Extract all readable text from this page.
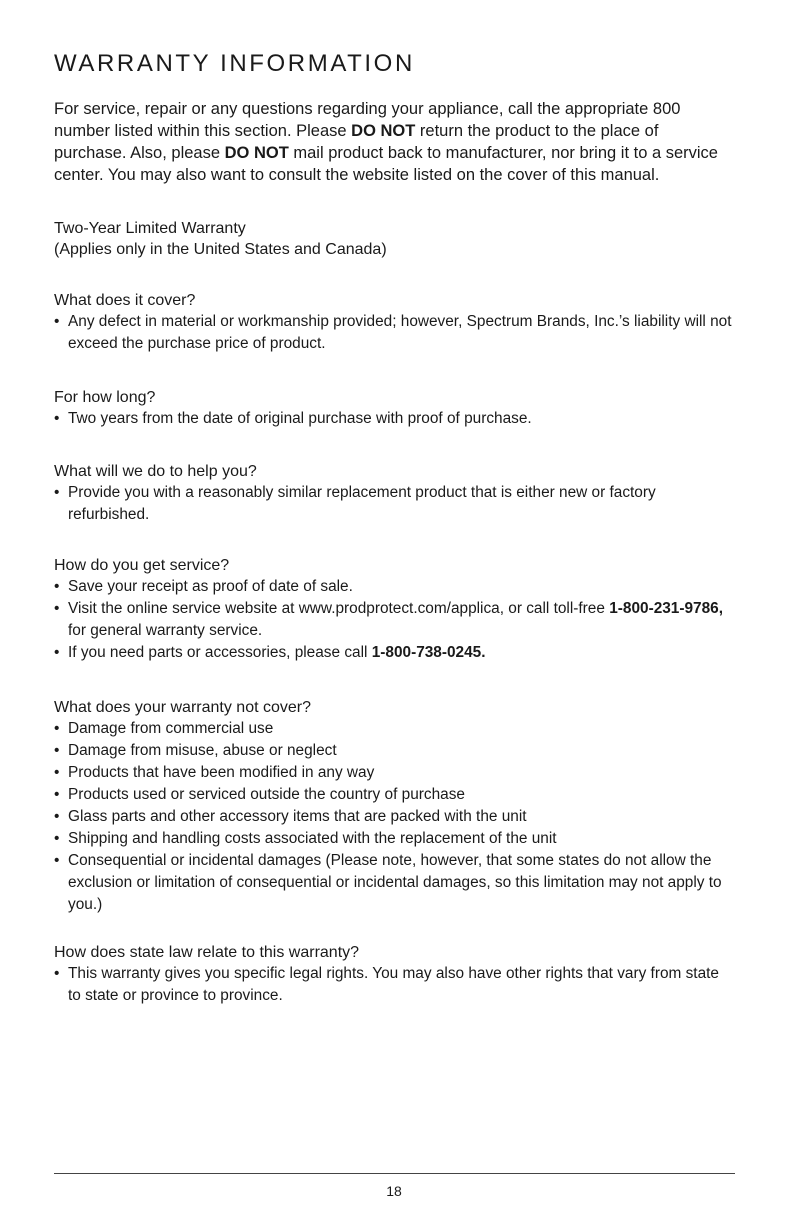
WARRANTY INFORMATION

For service, repair or any questions regarding your appliance, call the appropriate 800 number listed within this section. Please DO NOT return the product to the place of purchase. Also, please DO NOT mail product back to manufacturer, nor bring it to a service center. You may also want to consult the website listed on the cover of this manual.

Two-Year Limited Warranty
(Applies only in the United States and Canada)
What does it cover?
• Any defect in material or workmanship provided; however, Spectrum Brands, Inc.’s liability will not exceed the purchase price of product.
For how long?
• Two years from the date of original purchase with proof of purchase.
What will we do to help you?
• Provide you with a reasonably similar replacement product that is either new or factory refurbished.
How do you get service?
• Save your receipt as proof of date of sale.
• Visit the online service website at www.prodprotect.com/applica, or call toll-free 1-800-231-9786, for general warranty service.
• If you need parts or accessories, please call 1-800-738-0245.
What does your warranty not cover?
• Damage from commercial use
• Damage from misuse, abuse or neglect
• Products that have been modified in any way
• Products used or serviced outside the country of purchase
• Glass parts and other accessory items that are packed with the unit
• Shipping and handling costs associated with the replacement of the unit
• Consequential or incidental damages (Please note, however, that some states do not allow the exclusion or limitation of consequential or incidental damages, so this limitation may not apply to you.)
How does state law relate to this warranty?
• This warranty gives you specific legal rights. You may also have other rights that vary from state to state or province to province.
18
